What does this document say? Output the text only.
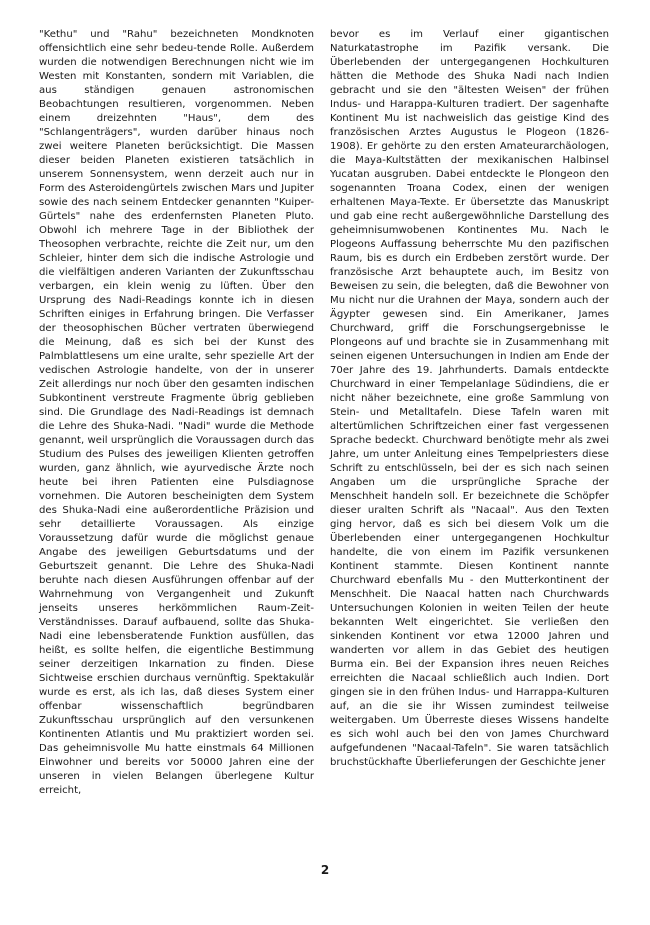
"Kethu" und "Rahu" bezeichneten Mondknoten offensichtlich eine sehr bedeu-tende Rolle. Außerdem wurden die notwendigen Berechnungen nicht wie im Westen mit Konstanten, sondern mit Variablen, die aus ständigen genauen astronomischen Beobachtungen resultieren, vorgenommen. Neben einem dreizehnten "Haus", dem des "Schlangenträgers", wurden darüber hinaus noch zwei weitere Planeten berücksichtigt. Die Massen dieser beiden Planeten existieren tatsächlich in unserem Sonnensystem, wenn derzeit auch nur in Form des Asteroidengürtels zwischen Mars und Jupiter sowie des nach seinem Entdecker genannten "Kuiper-Gürtels" nahe des erdenfernsten Planeten Pluto. Obwohl ich mehrere Tage in der Bibliothek der Theosophen verbrachte, reichte die Zeit nur, um den Schleier, hinter dem sich die indische Astrologie und die vielfältigen anderen Varianten der Zukunftsschau verbargen, ein klein wenig zu lüften. Über den Ursprung des Nadi-Readings konnte ich in diesen Schriften einiges in Erfahrung bringen. Die Verfasser der theosophischen Bücher vertraten überwiegend die Meinung, daß es sich bei der Kunst des Palmblattlesens um eine uralte, sehr spezielle Art der vedischen Astrologie handelte, von der in unserer Zeit allerdings nur noch über den gesamten indischen Subkontinent verstreute Fragmente übrig geblieben sind. Die Grundlage des Nadi-Readings ist demnach die Lehre des Shuka-Nadi. "Nadi" wurde die Methode genannt, weil ursprünglich die Voraussagen durch das Studium des Pulses des jeweiligen Klienten getroffen wurden, ganz ähnlich, wie ayurvedische Ärzte noch heute bei ihren Patienten eine Pulsdiagnose vornehmen. Die Autoren bescheinigten dem System des Shuka-Nadi eine außerordentliche Präzision und sehr detaillierte Voraussagen. Als einzige Voraussetzung dafür wurde die möglichst genaue Angabe des jeweiligen Geburtsdatums und der Geburtszeit genannt. Die Lehre des Shuka-Nadi beruhte nach diesen Ausführungen offenbar auf der Wahrnehmung von Vergangenheit und Zukunft jenseits unseres herkömmlichen Raum-Zeit-Verständnisses. Darauf aufbauend, sollte das Shuka-Nadi eine lebensberatende Funktion ausfüllen, das heißt, es sollte helfen, die eigentliche Bestimmung seiner derzeitigen Inkarnation zu finden. Diese Sichtweise erschien durchaus vernünftig. Spektakulär wurde es erst, als ich las, daß dieses System einer offenbar wissenschaftlich begründbaren Zukunftsschau ursprünglich auf den versunkenen Kontinenten Atlantis und Mu praktiziert worden sei. Das geheimnisvolle Mu hatte einstmals 64 Millionen Einwohner und bereits vor 50000 Jahren eine der unseren in vielen Belangen überlegene Kultur erreicht,
bevor es im Verlauf einer gigantischen Naturkatastrophe im Pazifik versank. Die Überlebenden der untergegangenen Hochkulturen hätten die Methode des Shuka Nadi nach Indien gebracht und sie den "ältesten Weisen" der frühen Indus- und Harappa-Kulturen tradiert. Der sagenhafte Kontinent Mu ist nachweislich das geistige Kind des französischen Arztes Augustus le Plogeon (1826-1908). Er gehörte zu den ersten Amateurarchäologen, die Maya-Kultstätten der mexikanischen Halbinsel Yucatan ausgruben. Dabei entdeckte le Plongeon den sogenannten Troana Codex, einen der wenigen erhaltenen Maya-Texte. Er übersetzte das Manuskript und gab eine recht außergewöhnliche Darstellung des geheimnisumwobenen Kontinentes Mu. Nach le Plogeons Auffassung beherrschte Mu den pazifischen Raum, bis es durch ein Erdbeben zerstört wurde. Der französische Arzt behauptete auch, im Besitz von Beweisen zu sein, die belegten, daß die Bewohner von Mu nicht nur die Urahnen der Maya, sondern auch der Ägypter gewesen sind. Ein Amerikaner, James Churchward, griff die Forschungsergebnisse le Plongeons auf und brachte sie in Zusammenhang mit seinen eigenen Untersuchungen in Indien am Ende der 70er Jahre des 19. Jahrhunderts. Damals entdeckte Churchward in einer Tempelanlage Südindiens, die er nicht näher bezeichnete, eine große Sammlung von Stein- und Metalltafeln. Diese Tafeln waren mit altertümlichen Schriftzeichen einer fast vergessenen Sprache bedeckt. Churchward benötigte mehr als zwei Jahre, um unter Anleitung eines Tempelpriesters diese Schrift zu entschlüsseln, bei der es sich nach seinen Angaben um die ursprüngliche Sprache der Menschheit handeln soll. Er bezeichnete die Schöpfer dieser uralten Schrift als "Nacaal". Aus den Texten ging hervor, daß es sich bei diesem Volk um die Überlebenden einer untergegangenen Hochkultur handelte, die von einem im Pazifik versunkenen Kontinent stammte. Diesen Kontinent nannte Churchward ebenfalls Mu - den Mutterkontinent der Menschheit. Die Naacal hatten nach Churchwards Untersuchungen Kolonien in weiten Teilen der heute bekannten Welt eingerichtet. Sie verließen den sinkenden Kontinent vor etwa 12000 Jahren und wanderten vor allem in das Gebiet des heutigen Burma ein. Bei der Expansion ihres neuen Reiches erreichten die Nacaal schließlich auch Indien. Dort gingen sie in den frühen Indus- und Harrappa-Kulturen auf, an die sie ihr Wissen zumindest teilweise weitergaben. Um Überreste dieses Wissens handelte es sich wohl auch bei den von James Churchward aufgefundenen "Nacaal-Tafeln". Sie waren tatsächlich bruchstückhafte Überlieferungen der Geschichte jener
2
